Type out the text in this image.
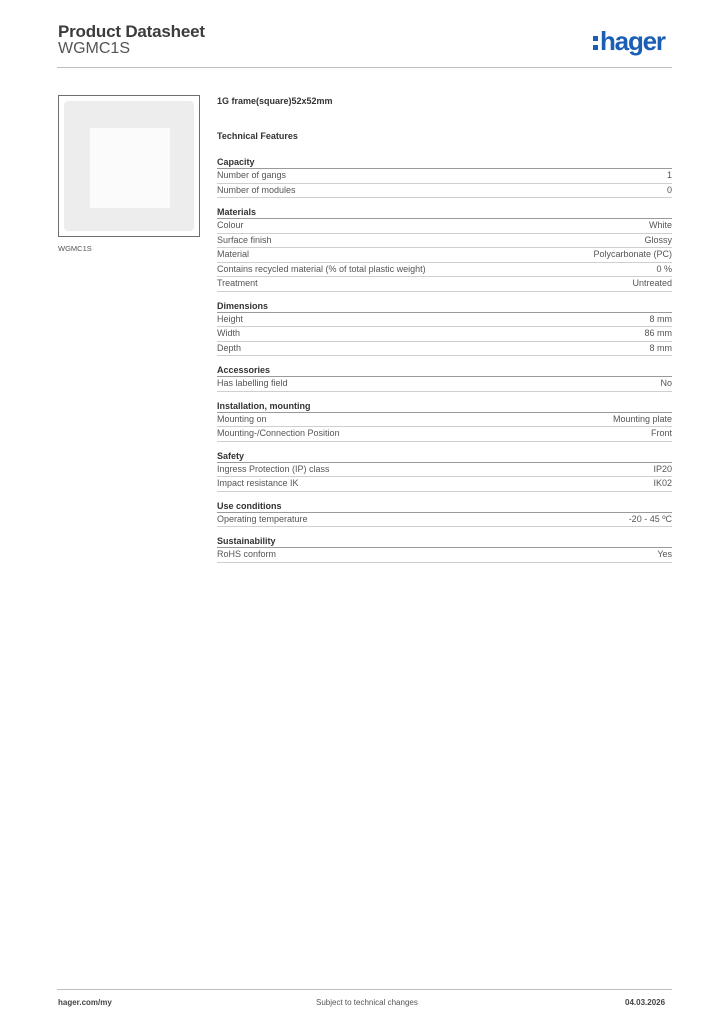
Product Datasheet
WGMC1S	hager
WGMC1S
1G frame(square)52x52mm
Technical Features
Capacity
Number of gangs	1
Number of modules	0
Materials
Colour	White
Surface finish	Glossy
Material	Polycarbonate (PC)
Contains recycled material (% of total plastic weight)	0 %
Treatment	Untreated
Dimensions
Height	8 mm
Width	86 mm
Depth	8 mm
Accessories
Has labelling field	No
Installation, mounting
Mounting on	Mounting plate
Mounting-/Connection Position	Front
Safety
Ingress Protection (IP) class	IP20
Impact resistance IK	IK02
Use conditions
Operating temperature	-20 - 45 ºC
Sustainability
RoHS conform	Yes
hager.com/my	Subject to technical changes	04.03.2026
